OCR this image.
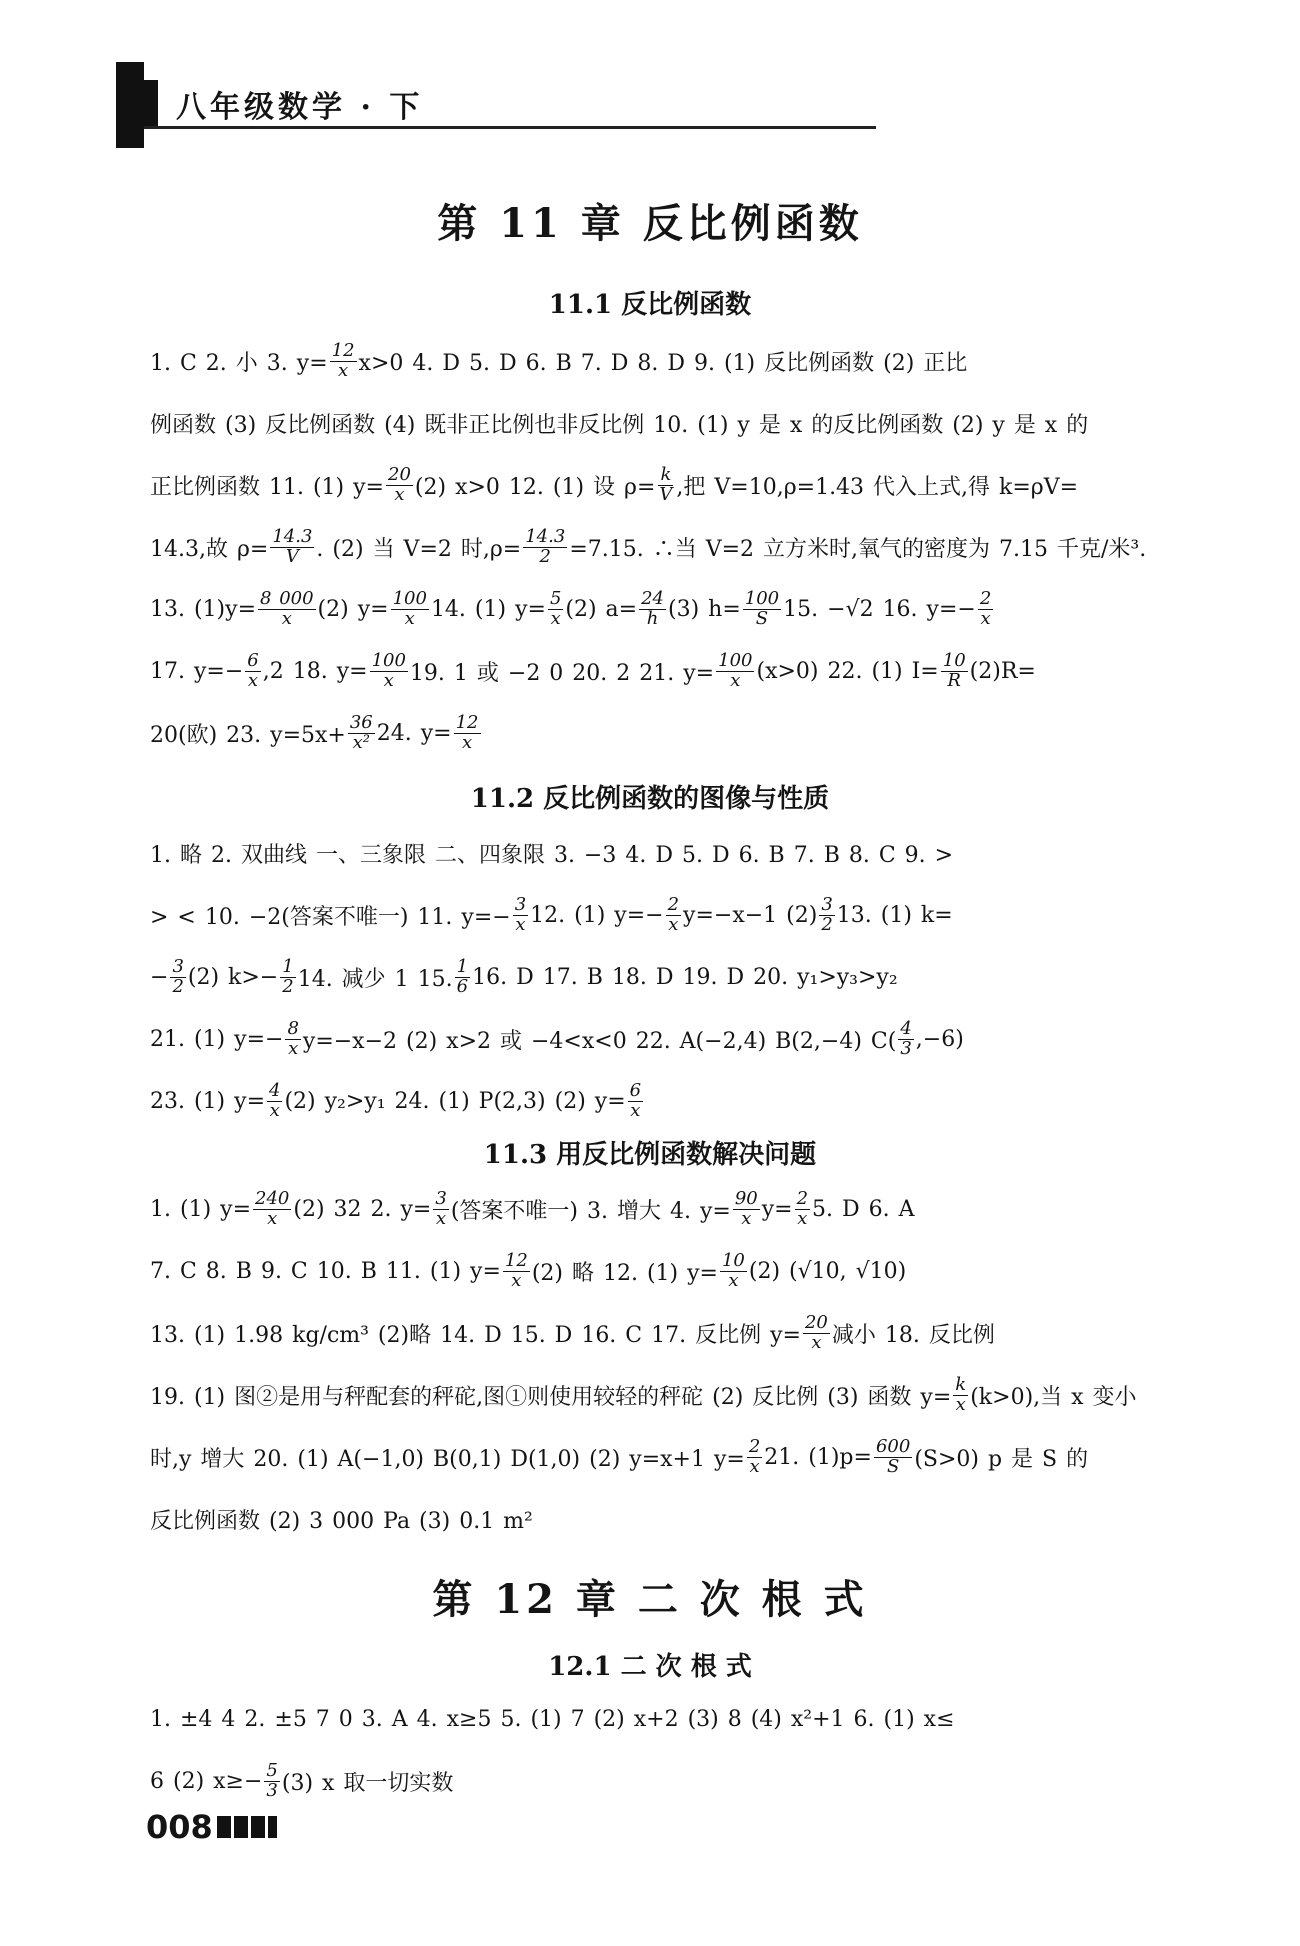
八年级数学 · 下
第 11 章 反比例函数
11.1 反比例函数
1. C 2. 小 3. $y= \frac{12}{x} x>0$ 4. D 5. D 6. B 7. D 8. D 9. (1) 反比例函数 (2) 正比
例函数 (3) 反比例函数 (4) 既非正比例也非反比例 10. (1) y 是 x 的反比例函数 (2) y 是 x 的
正比例函数 11. (1) $y= \frac{20}{x} (2)$ x>0 12. (1) 设 $\rho= \frac{k}{V}$ ,把 V=10,ρ=1.43 代入上式,得 k=ρV=
14.3,故 $\rho= \frac{14.3}{V}$ . (2) 当 V=2 时$,\rho= \frac{14.3}{2} =7.15$. ∴当 V=2 立方米时,氧气的密度为 7.15 千克/米³.
13. $(1)y= \frac{8 000}{x} (2)$ $y= \frac{100}{x} 14$. (1) $y= \frac{5}{x} (2)$ $a= \frac{24}{h} (3)$ $h= \frac{100}{S} 15$. −√2 16. $y=- \frac{2}{x}$
17. $y=- \frac{6}{x} ,2$ 18. $y= \frac{100}{x} 19$. 1 或 −2 0 20. 2 21. $y= \frac{100}{x} (x>0)$ 22. (1) $I= \frac{10}{R} (2)R=$
20(欧) 23. $y=5x+ \frac{36}{\text{x²}} 24$. $y= \frac{12}{x}$
11.2 反比例函数的图像与性质
1. 略 2. 双曲线 一、三象限 二、四象限 3. −3 4. D 5. D 6. B 7. B 8. C 9. >
> < 10. −2(答案不唯一) 11. $y=- \frac{3}{x} 12$. (1) $y=- \frac{2}{x} y=-x-1$ $(2) \frac{3}{2} 13$. (1) k=
− $\frac{3}{2} (2)$ $k>- \frac{1}{2} 14$. 减少 1 15. $\frac{1}{6} 16$. D 17. B 18. D 19. D 20. y₁>y₃>y₂
21. (1) $y=- \frac{8}{x} y=-x-2$ (2) x>2 或 −4<x<0 22. A(−2,4) B(2,−4) $C( \frac{4}{3} ,-6)$
23. (1) $y= \frac{4}{x} (2)$ y₂>y₁ 24. (1) P(2,3) (2) $y= \frac{6}{x}$
11.3 用反比例函数解决问题
1. (1) $y= \frac{240}{x} (2)$ 32 2. $y= \frac{3}{x}$ (答案不唯一) 3. 增大 4. $y= \frac{90}{x} y= \frac{2}{x} 5$. D 6. A
7. C 8. B 9. C 10. B 11. (1) $y= \frac{12}{x} (2)$ 略 12. (1) $y= \frac{10}{x} (2)$ (√10, √10)
13. (1) 1.98 kg/cm³ (2)略 14. D 15. D 16. C 17. 反比例 $y= \frac{20}{x}$ 减小 18. 反比例
19. (1) 图②是用与秤配套的秤砣,图①则使用较轻的秤砣 (2) 反比例 (3) 函数 $y= \frac{k}{x} (k>0)$,当 x 变小
时,y 增大 20. (1) A(−1,0) B(0,1) D(1,0) (2) y=x+1 $y= \frac{2}{x} 21$. $(1)p= \frac{600}{S} (S>0)$ p 是 S 的
反比例函数 (2) 3 000 Pa (3) 0.1 m²
第 12 章 二 次 根 式
12.1 二 次 根 式
1. ±4 4 2. ±5 7 0 3. A 4. x≥5 5. (1) 7 (2) x+2 (3) 8 (4) x²+1 6. (1) x≤
6 (2) $x\ge- \frac{5}{3} (3)$ x 取一切实数
008
